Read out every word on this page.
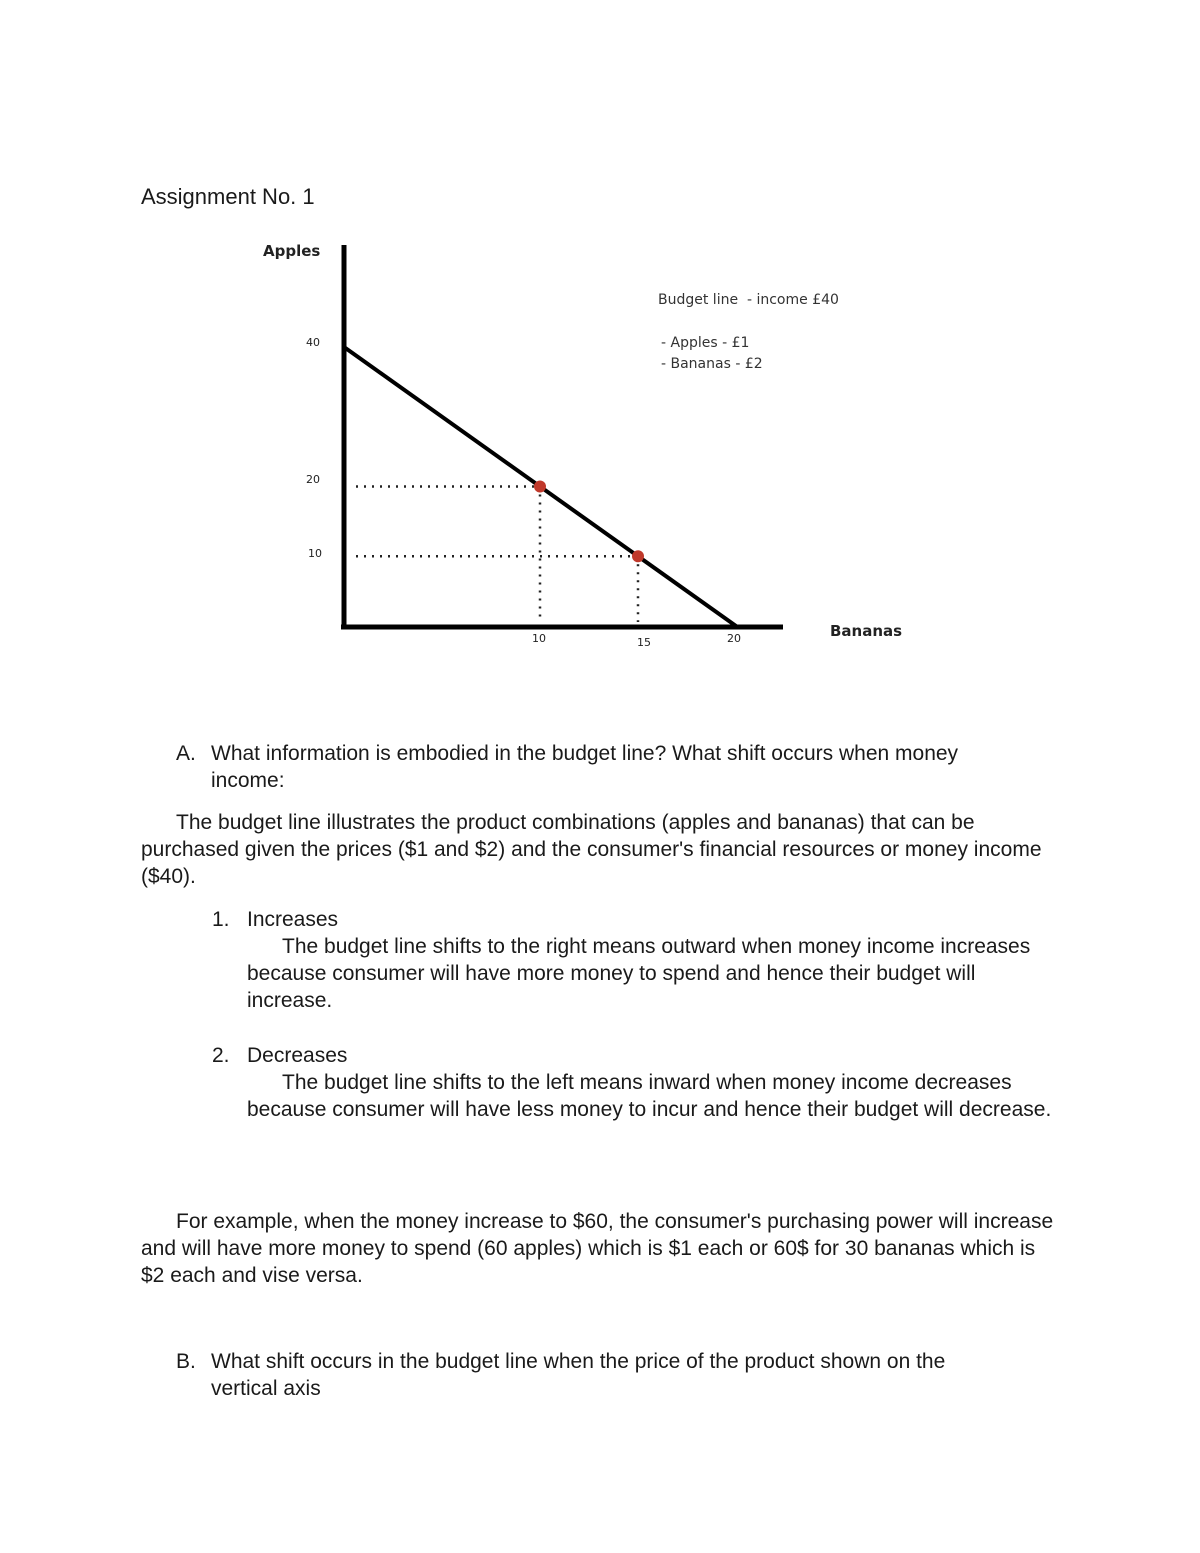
Assignment No. 1
Apples
Bananas
40
20
10
10	15	20
Budget line  - income £40
- Apples - £1
- Bananas - £2
A. What information is embodied in the budget line? What shift occurs when money
income:
The budget line illustrates the product combinations (apples and bananas) that can be purchased given the prices ($1 and $2) and the consumer's financial resources or money income ($40).
1. Increases
The budget line shifts to the right means outward when money income increases because consumer will have more money to spend and hence their budget will increase.
2. Decreases
The budget line shifts to the left means inward when money income decreases because consumer will have less money to incur and hence their budget will decrease.
For example, when the money increase to $60, the consumer's purchasing power will increase and will have more money to spend (60 apples) which is $1 each or 60$ for 30 bananas which is $2 each and vise versa.
B. What shift occurs in the budget line when the price of the product shown on the
vertical axis
